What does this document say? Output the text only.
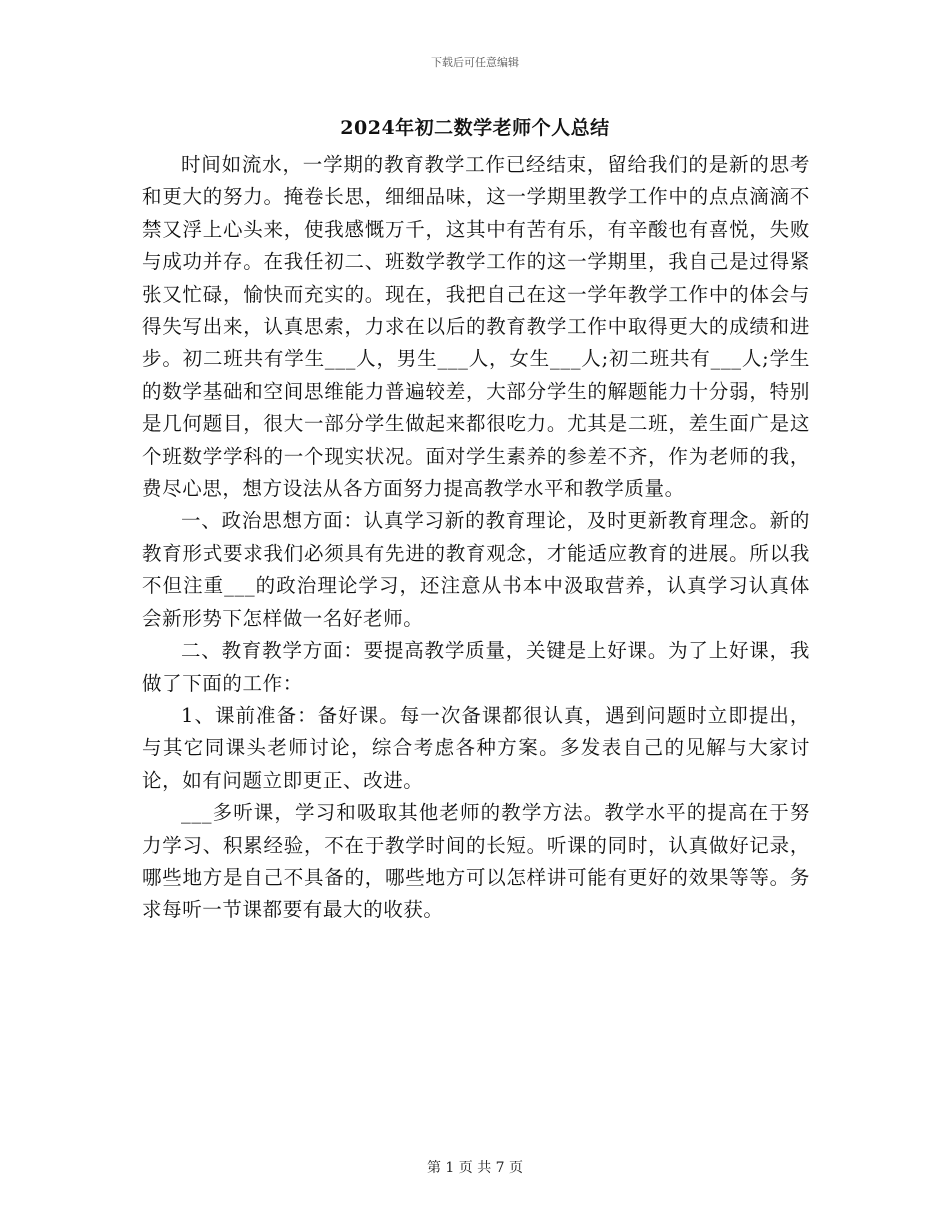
下载后可任意编辑
2024年初二数学老师个人总结

时间如流水，一学期的教育教学工作已经结束，留给我们的是新的思考和更大的努力。掩卷长思，细细品味，这一学期里教学工作中的点点滴滴不禁又浮上心头来，使我感慨万千，这其中有苦有乐，有辛酸也有喜悦，失败与成功并存。在我任初二、班数学教学工作的这一学期里，我自己是过得紧张又忙碌，愉快而充实的。现在，我把自己在这一学年教学工作中的体会与得失写出来，认真思索，力求在以后的教育教学工作中取得更大的成绩和进步。初二班共有学生___人，男生___人，女生___人;初二班共有___人;学生的数学基础和空间思维能力普遍较差，大部分学生的解题能力十分弱，特别是几何题目，很大一部分学生做起来都很吃力。尤其是二班，差生面广是这个班数学学科的一个现实状况。面对学生素养的参差不齐，作为老师的我，费尽心思，想方设法从各方面努力提高教学水平和教学质量。

一、政治思想方面：认真学习新的教育理论，及时更新教育理念。新的教育形式要求我们必须具有先进的教育观念，才能适应教育的进展。所以我不但注重___的政治理论学习，还注意从书本中汲取营养，认真学习认真体会新形势下怎样做一名好老师。

二、教育教学方面：要提高教学质量，关键是上好课。为了上好课，我做了下面的工作：

1、课前准备：备好课。每一次备课都很认真，遇到问题时立即提出，与其它同课头老师讨论，综合考虑各种方案。多发表自己的见解与大家讨论，如有问题立即更正、改进。

___多听课，学习和吸取其他老师的教学方法。教学水平的提高在于努力学习、积累经验，不在于教学时间的长短。听课的同时，认真做好记录，哪些地方是自己不具备的，哪些地方可以怎样讲可能有更好的效果等等。务求每听一节课都要有最大的收获。

第 1 页 共 7 页
